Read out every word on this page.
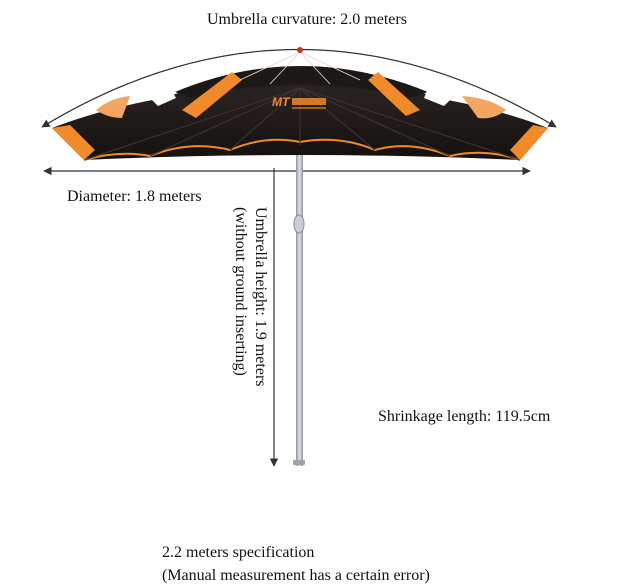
MT
Umbrella curvature: 2.0 meters
Diameter: 1.8 meters
Umbrella height: 1.9 meters
(without ground inserting)
Shrinkage length: 119.5cm
2.2 meters specification
(Manual measurement has a certain error)
